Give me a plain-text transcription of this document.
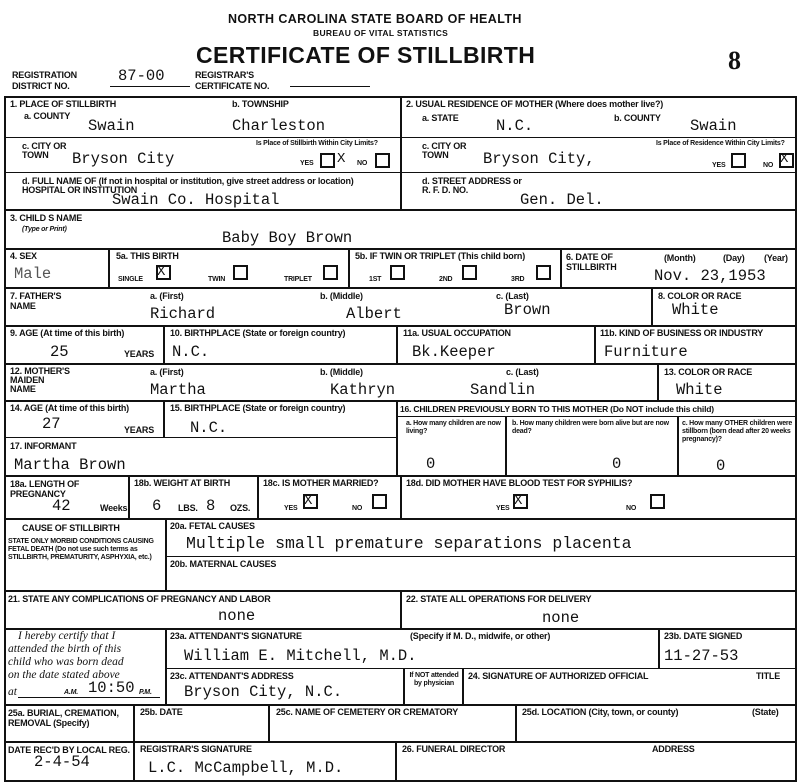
NORTH CAROLINA STATE BOARD OF HEALTH
BUREAU OF VITAL STATISTICS
CERTIFICATE OF STILLBIRTH	8
REGISTRATION DISTRICT NO.
87-00	REGISTRAR'S CERTIFICATE NO.
1. PLACE OF STILLBIRTH
a. COUNTY
Swain
b. TOWNSHIP
Charleston
c. CITY OR TOWN	Bryson City
Is Place of Stillbirth Within City Limits?
YES X NO
d. FULL NAME OF (If not in hospital or institution, give street address or location) HOSPITAL OR INSTITUTION
Swain Co. Hospital
2. USUAL RESIDENCE OF MOTHER (Where does mother live?)
a. STATE N.C.	b. COUNTY Swain
c. CITY OR TOWN	Bryson City,
Is Place of Residence Within City Limits?
YES	NO X
d. STREET ADDRESS or R. F. D. NO.
Gen. Del.
3. CHILD S NAME
(Type or Print)	Baby Boy Brown
4. SEX
Male
5a. THIS BIRTH
SINGLE X	TWIN	TRIPLET
5b. IF TWIN OR TRIPLET (This child born)
1ST	2ND	3RD
6. DATE OF STILLBIRTH
(Month)	(Day) (Year)
Nov. 23,1953
7. FATHER'S NAME
a. (First)
Richard
b. (Middle)
Albert
c. (Last)
Brown
8. COLOR OR RACE
White
9. AGE (At time of this birth)
25	YEARS
10. BIRTHPLACE (State or foreign country)
N.C.
11a. USUAL OCCUPATION
Bk.Keeper
11b. KIND OF BUSINESS OR INDUSTRY
Furniture
12. MOTHER'S MAIDEN NAME
a. (First)
Martha
b. (Middle)
Kathryn
c. (Last)
Sandlin
13. COLOR OR RACE
White
14. AGE (At time of this birth)
27	YEARS
15. BIRTHPLACE (State or foreign country)
N.C.
16. CHILDREN PREVIOUSLY BORN TO THIS MOTHER (Do NOT include this child)
a. How many children are now living?
0
b. How many children were born alive but are now dead?
0
c. How many OTHER children were stillborn (born dead after 20 weeks pregnancy)?
0
17. INFORMANT
Martha Brown
18a. LENGTH OF PREGNANCY
42	Weeks
18b. WEIGHT AT BIRTH
6 LBS. 8 OZS.
18c. IS MOTHER MARRIED?
YES X	NO
18d. DID MOTHER HAVE BLOOD TEST FOR SYPHILIS?
YES X	NO
CAUSE OF STILLBIRTH
STATE ONLY MORBID CONDITIONS CAUSING FETAL DEATH (Do not use such terms as STILLBIRTH, PREMATURITY, ASPHYXIA, etc.)
20a. FETAL CAUSES
Multiple small premature separations placenta
20b. MATERNAL CAUSES
21. STATE ANY COMPLICATIONS OF PREGNANCY AND LABOR
none
22. STATE ALL OPERATIONS FOR DELIVERY
none
I hereby certify that I
attended the birth of this
child who was born dead
on the date stated above
at	10:50
A.M.	P.M.
23a. ATTENDANT'S SIGNATURE	(Specify if M. D., midwife, or other)
William E. Mitchell, M.D.
23b. DATE SIGNED
11-27-53
23c. ATTENDANT'S ADDRESS
Bryson City, N.C.
If NOT attended by physician
24. SIGNATURE OF AUTHORIZED OFFICIAL	TITLE
25a. BURIAL, CREMATION, REMOVAL (Specify)
25b. DATE	25c. NAME OF CEMETERY OR CREMATORY	25d. LOCATION (City, town, or county)	(State)
DATE REC'D BY LOCAL REG.
2-4-54
REGISTRAR'S SIGNATURE
L.C. McCampbell, M.D.
26. FUNERAL DIRECTOR	ADDRESS
